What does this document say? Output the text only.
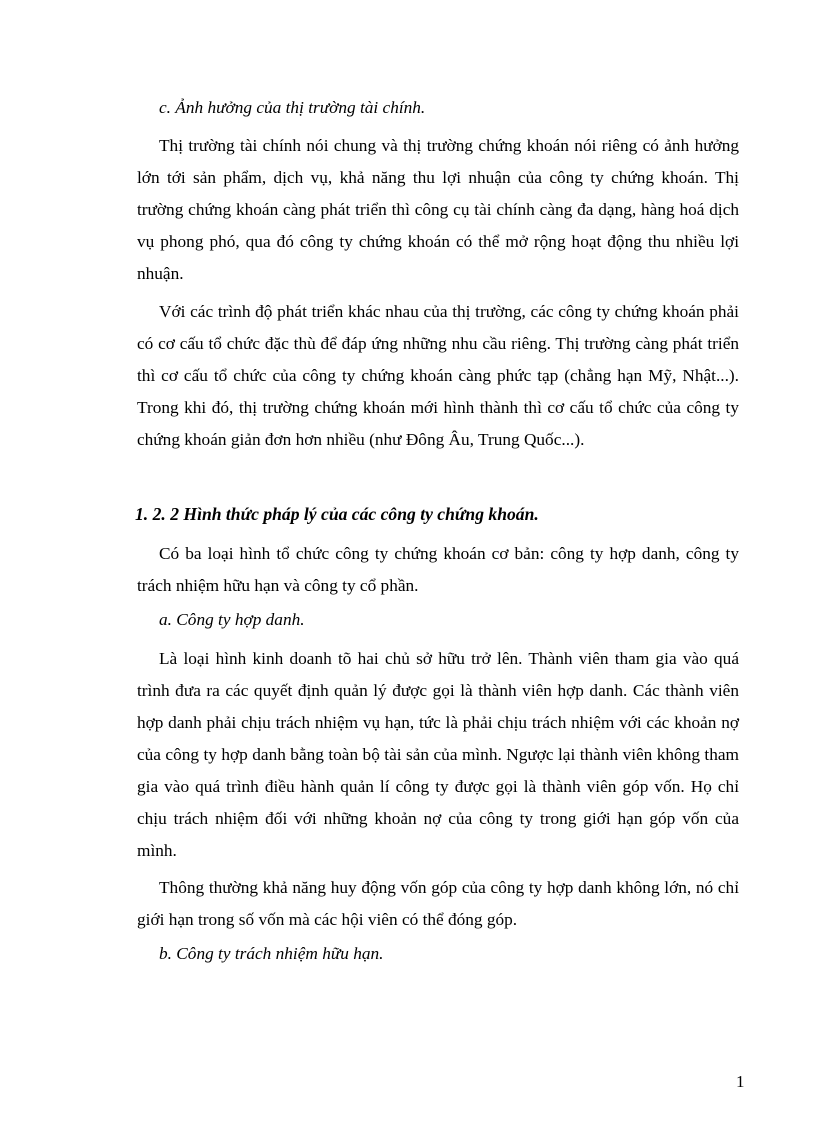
c. Ảnh hưởng của thị trường tài chính.

Thị trường tài chính nói chung và thị trường chứng khoán nói riêng có ảnh hưởng lớn tới sản phẩm, dịch vụ, khả năng thu lợi nhuận của công ty chứng khoán. Thị trường chứng khoán càng phát triển thì công cụ tài chính càng đa dạng, hàng hoá dịch vụ phong phó, qua đó công ty chứng khoán có thể mở rộng hoạt động thu nhiều lợi nhuận.

Với các trình độ phát triển khác nhau của thị trường, các công ty chứng khoán phải có cơ cấu tổ chức đặc thù để đáp ứng những nhu cầu riêng. Thị trường càng phát triển thì cơ cấu tổ chức của công ty chứng khoán càng phức tạp (chẳng hạn Mỹ, Nhật...). Trong khi đó, thị trường chứng khoán mới hình thành thì cơ cấu tổ chức của công ty chứng khoán giản đơn hơn nhiều (như Đông Âu, Trung Quốc...).

1. 2. 2 Hình thức pháp lý của các công ty chứng khoán.

Có ba loại hình tổ chức công ty chứng khoán cơ bản: công ty hợp danh, công ty trách nhiệm hữu hạn và công ty cổ phần.

a. Công ty hợp danh.

Là loại hình kinh doanh tõ hai chủ sở hữu trở lên. Thành viên tham gia vào quá trình đưa ra các quyết định quản lý được gọi là thành viên hợp danh. Các thành viên hợp danh phải chịu trách nhiệm vụ hạn, tức là phải chịu trách nhiệm với các khoản nợ của công ty hợp danh bằng toàn bộ tài sản của mình. Ngược lại thành viên không tham gia vào quá trình điều hành quản lí công ty được gọi là thành viên góp vốn. Họ chỉ chịu trách nhiệm đối với những khoản nợ của công ty trong giới hạn góp vốn của mình.

Thông thường khả năng huy động vốn góp của công ty hợp danh không lớn, nó chỉ giới hạn trong số vốn mà các hội viên có thể đóng góp.

b. Công ty trách nhiệm hữu hạn.

1
